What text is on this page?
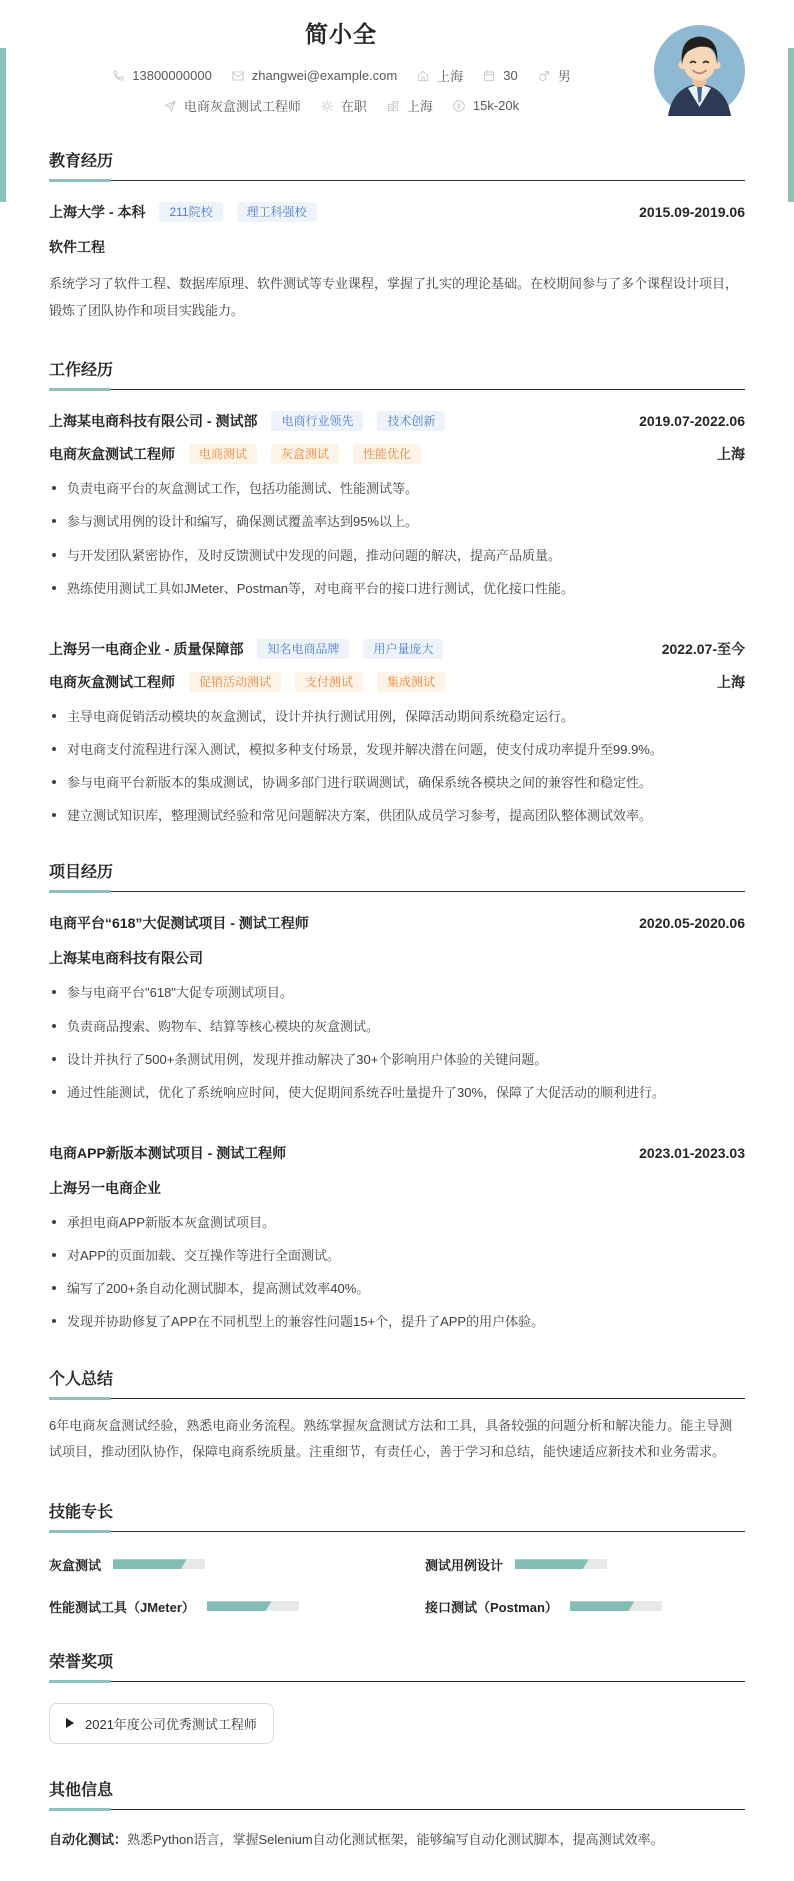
简小全
13800000000	zhangwei@example.com	上海	30	男
电商灰盒测试工程师	在职	上海	15k-20k
教育经历
上海大学 - 本科	211院校	理工科强校	2015.09-2019.06
软件工程

系统学习了软件工程、数据库原理、软件测试等专业课程，掌握了扎实的理论基础。在校期间参与了多个课程设计项目，锻炼了团队协作和项目实践能力。

工作经历
上海某电商科技有限公司 - 测试部	电商行业领先	技术创新	2019.07-2022.06
电商灰盒测试工程师	电商测试	灰盒测试	性能优化	上海
负责电商平台的灰盒测试工作，包括功能测试、性能测试等。
参与测试用例的设计和编写，确保测试覆盖率达到95%以上。
与开发团队紧密协作，及时反馈测试中发现的问题，推动问题的解决，提高产品质量。
熟练使用测试工具如JMeter、Postman等，对电商平台的接口进行测试，优化接口性能。
上海另一电商企业 - 质量保障部	知名电商品牌	用户量庞大	2022.07-至今
电商灰盒测试工程师	促销活动测试	支付测试	集成测试	上海
主导电商促销活动模块的灰盒测试，设计并执行测试用例，保障活动期间系统稳定运行。
对电商支付流程进行深入测试，模拟多种支付场景，发现并解决潜在问题，使支付成功率提升至99.9%。
参与电商平台新版本的集成测试，协调多部门进行联调测试，确保系统各模块之间的兼容性和稳定性。
建立测试知识库，整理测试经验和常见问题解决方案，供团队成员学习参考，提高团队整体测试效率。
项目经历
电商平台“618”大促测试项目 - 测试工程师	2020.05-2020.06
上海某电商科技有限公司
参与电商平台"618"大促专项测试项目。
负责商品搜索、购物车、结算等核心模块的灰盒测试。
设计并执行了500+条测试用例，发现并推动解决了30+个影响用户体验的关键问题。
通过性能测试，优化了系统响应时间，使大促期间系统吞吐量提升了30%，保障了大促活动的顺利进行。
电商APP新版本测试项目 - 测试工程师	2023.01-2023.03
上海另一电商企业
承担电商APP新版本灰盒测试项目。
对APP的页面加载、交互操作等进行全面测试。
编写了200+条自动化测试脚本，提高测试效率40%。
发现并协助修复了APP在不同机型上的兼容性问题15+个，提升了APP的用户体验。
个人总结

6年电商灰盒测试经验，熟悉电商业务流程。熟练掌握灰盒测试方法和工具，具备较强的问题分析和解决能力。能主导测试项目，推动团队协作，保障电商系统质量。注重细节，有责任心，善于学习和总结，能快速适应新技术和业务需求。

技能专长
灰盒测试	测试用例设计
性能测试工具（JMeter）	接口测试（Postman）
荣誉奖项
2021年度公司优秀测试工程师
其他信息
自动化测试：熟悉Python语言，掌握Selenium自动化测试框架，能够编写自动化测试脚本，提高测试效率。
